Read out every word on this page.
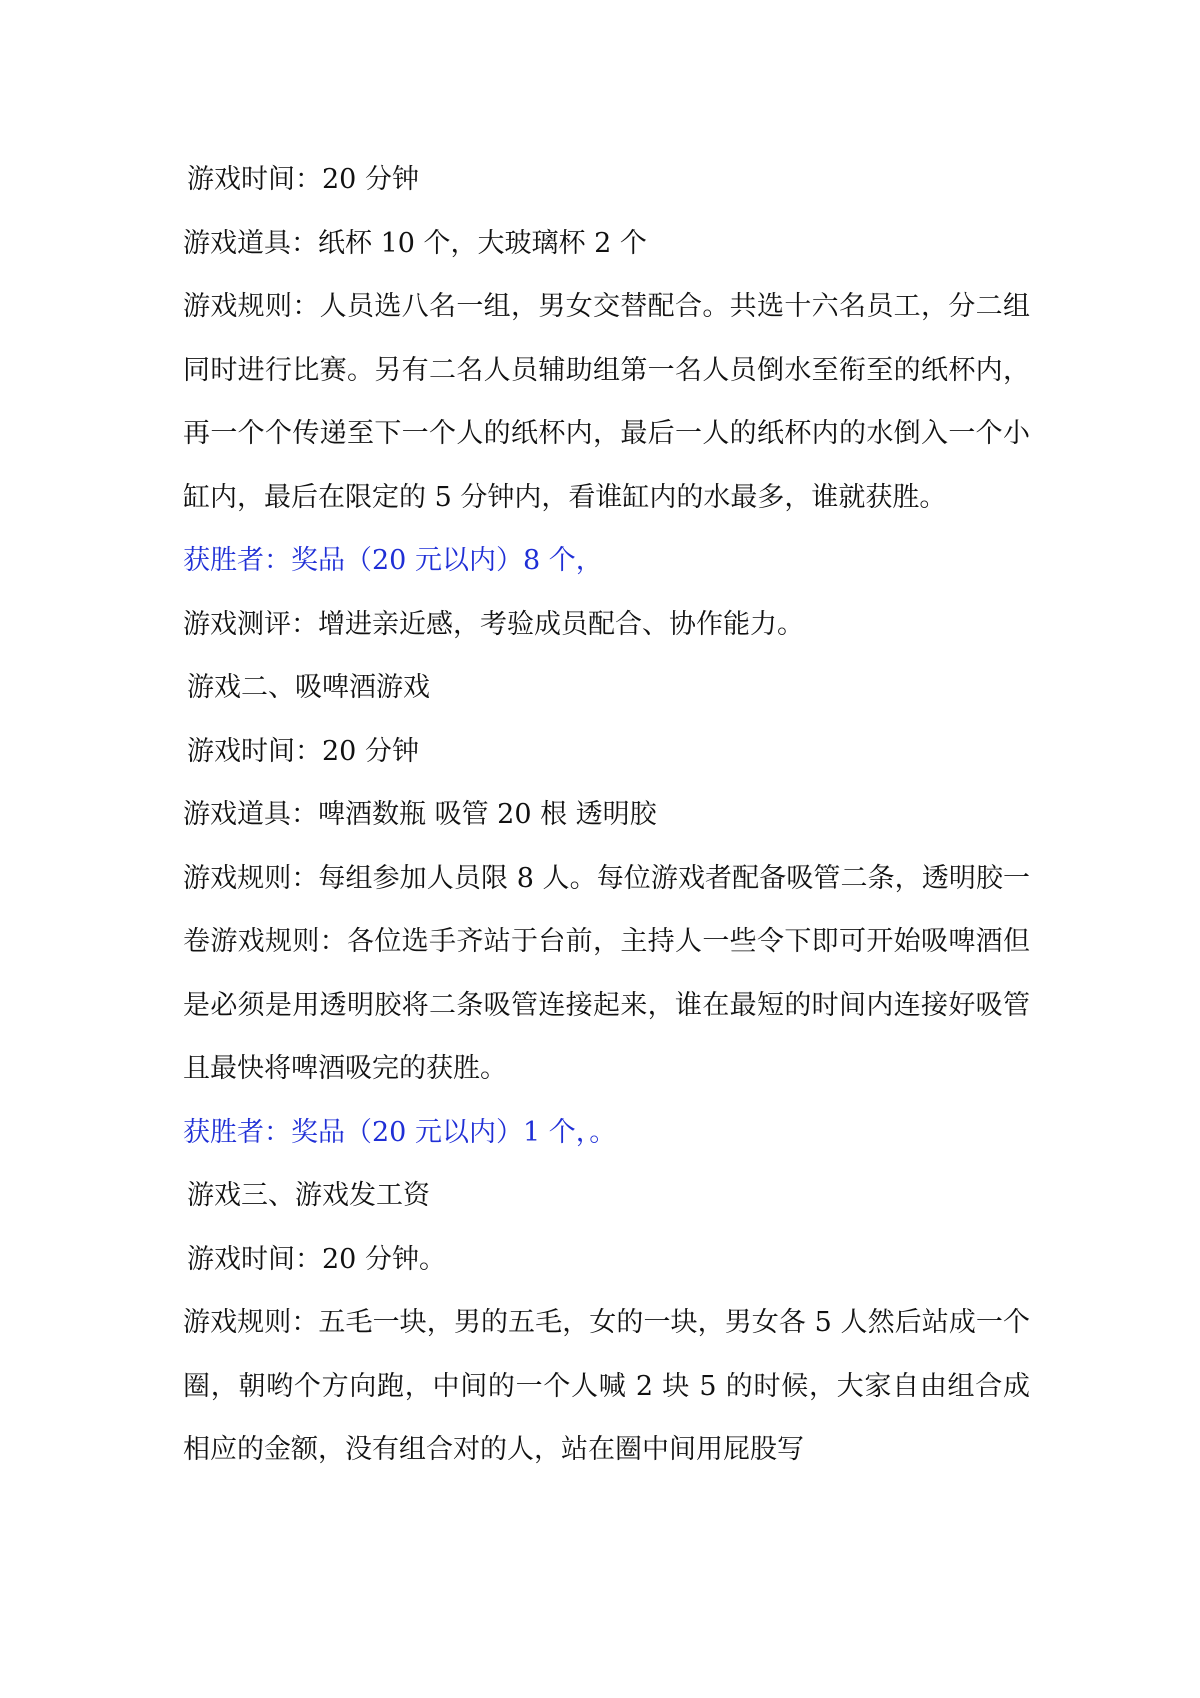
游戏时间：20 分钟

游戏道具：纸杯 10 个，大玻璃杯 2 个

游戏规则：人员选八名一组，男女交替配合。共选十六名员工，分二组同时进行比赛。另有二名人员辅助组第一名人员倒水至衔至的纸杯内，再一个个传递至下一个人的纸杯内，最后一人的纸杯内的水倒入一个小缸内，最后在限定的 5 分钟内，看谁缸内的水最多，谁就获胜。

获胜者：奖品（20 元以内）8 个，

游戏测评：增进亲近感，考验成员配合、协作能力。

游戏二、吸啤酒游戏

游戏时间：20 分钟

游戏道具：啤酒数瓶 吸管 20 根 透明胶

游戏规则：每组参加人员限 8 人。每位游戏者配备吸管二条，透明胶一卷游戏规则：各位选手齐站于台前，主持人一些令下即可开始吸啤酒但是必须是用透明胶将二条吸管连接起来，谁在最短的时间内连接好吸管且最快将啤酒吸完的获胜。

获胜者：奖品（20 元以内）1 个，。

游戏三、游戏发工资

游戏时间：20 分钟。

游戏规则：五毛一块，男的五毛，女的一块，男女各 5 人然后站成一个圈，朝哟个方向跑，中间的一个人喊 2 块 5 的时候，大家自由组合成相应的金额，没有组合对的人，站在圈中间用屁股写
